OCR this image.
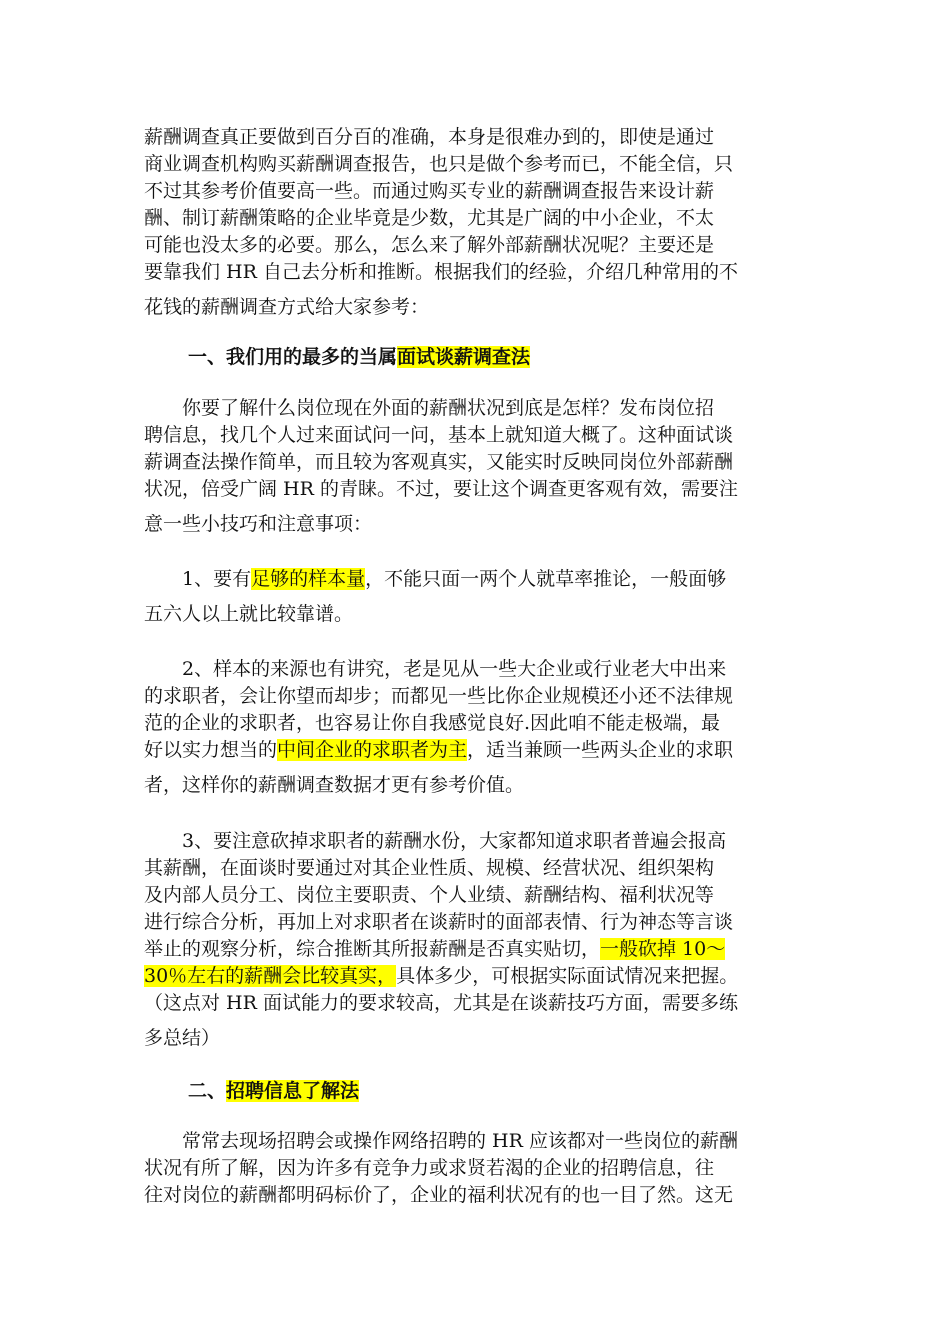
薪酬调查真正要做到百分百的准确，本身是很难办到的，即使是通过
商业调查机构购买薪酬调查报告，也只是做个参考而已，不能全信，只
不过其参考价值要高一些。而通过购买专业的薪酬调查报告来设计薪
酬、制订薪酬策略的企业毕竟是少数，尤其是广阔的中小企业，不太
可能也没太多的必要。那么，怎么来了解外部薪酬状况呢？主要还是
要靠我们 HR 自己去分析和推断。根据我们的经验，介绍几种常用的不
花钱的薪酬调查方式给大家参考：
一、我们用的最多的当属面试谈薪调查法
　　你要了解什么岗位现在外面的薪酬状况到底是怎样？发布岗位招
聘信息，找几个人过来面试问一问，基本上就知道大概了。这种面试谈
薪调查法操作简单，而且较为客观真实，又能实时反映同岗位外部薪酬
状况，倍受广阔 HR 的青睐。不过，要让这个调查更客观有效，需要注
意一些小技巧和注意事项：
　　1、要有足够的样本量，不能只面一两个人就草率推论，一般面够
五六人以上就比较靠谱。
　　2、样本的来源也有讲究，老是见从一些大企业或行业老大中出来
的求职者，会让你望而却步；而都见一些比你企业规模还小还不法律规
范的企业的求职者，也容易让你自我感觉良好.因此咱不能走极端，最
好以实力想当的中间企业的求职者为主，适当兼顾一些两头企业的求职
者，这样你的薪酬调查数据才更有参考价值。
　　3、要注意砍掉求职者的薪酬水份，大家都知道求职者普遍会报高
其薪酬，在面谈时要通过对其企业性质、规模、经营状况、组织架构
及内部人员分工、岗位主要职责、个人业绩、薪酬结构、福利状况等
进行综合分析，再加上对求职者在谈薪时的面部表情、行为神态等言谈
举止的观察分析，综合推断其所报薪酬是否真实贴切，一般砍掉 10～
30％左右的薪酬会比较真实，具体多少，可根据实际面试情况来把握。
（这点对 HR 面试能力的要求较高，尤其是在谈薪技巧方面，需要多练
多总结）
二、招聘信息了解法
　　常常去现场招聘会或操作网络招聘的 HR 应该都对一些岗位的薪酬
状况有所了解，因为许多有竞争力或求贤若渴的企业的招聘信息，往
往对岗位的薪酬都明码标价了，企业的福利状况有的也一目了然。这无
